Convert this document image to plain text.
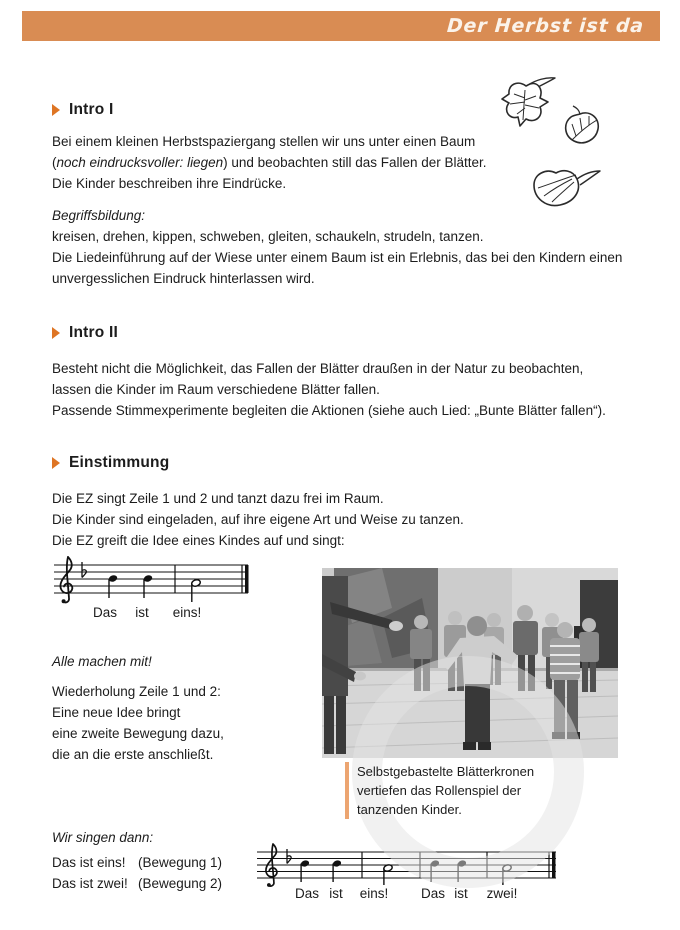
Der Herbst ist da
Intro I
Bei einem kleinen Herbstspaziergang stellen wir uns unter einen Baum
(noch eindrucksvoller: liegen) und beobachten still das Fallen der Blätter.
Die Kinder beschreiben ihre Eindrücke.
Begriffsbildung:
kreisen, drehen, kippen, schweben, gleiten, schaukeln, strudeln, tanzen.
Die Liedeinführung auf der Wiese unter einem Baum ist ein Erlebnis, das bei den Kindern einen
unvergesslichen Eindruck hinterlassen wird.
Intro II
Besteht nicht die Möglichkeit, das Fallen der Blätter draußen in der Natur zu beobachten,
lassen die Kinder im Raum verschiedene Blätter fallen.
Passende Stimmexperimente begleiten die Aktionen (siehe auch Lied: „Bunte Blätter fallen“).
Einstimmung
Die EZ singt Zeile 1 und 2 und tanzt dazu frei im Raum.
Die Kinder sind eingeladen, auf ihre eigene Art und Weise zu tanzen.
Die EZ greift die Idee eines Kindes auf und singt:
Das ist eins!
Alle machen mit!
Wiederholung Zeile 1 und 2:
Eine neue Idee bringt
eine zweite Bewegung dazu,
die an die erste anschließt.
Selbstgebastelte Blätterkronen
vertiefen das Rollenspiel der
tanzenden Kinder.
Wir singen dann:
Das ist eins! (Bewegung 1)
Das ist zwei! (Bewegung 2)
Das ist eins! Das ist zwei!
